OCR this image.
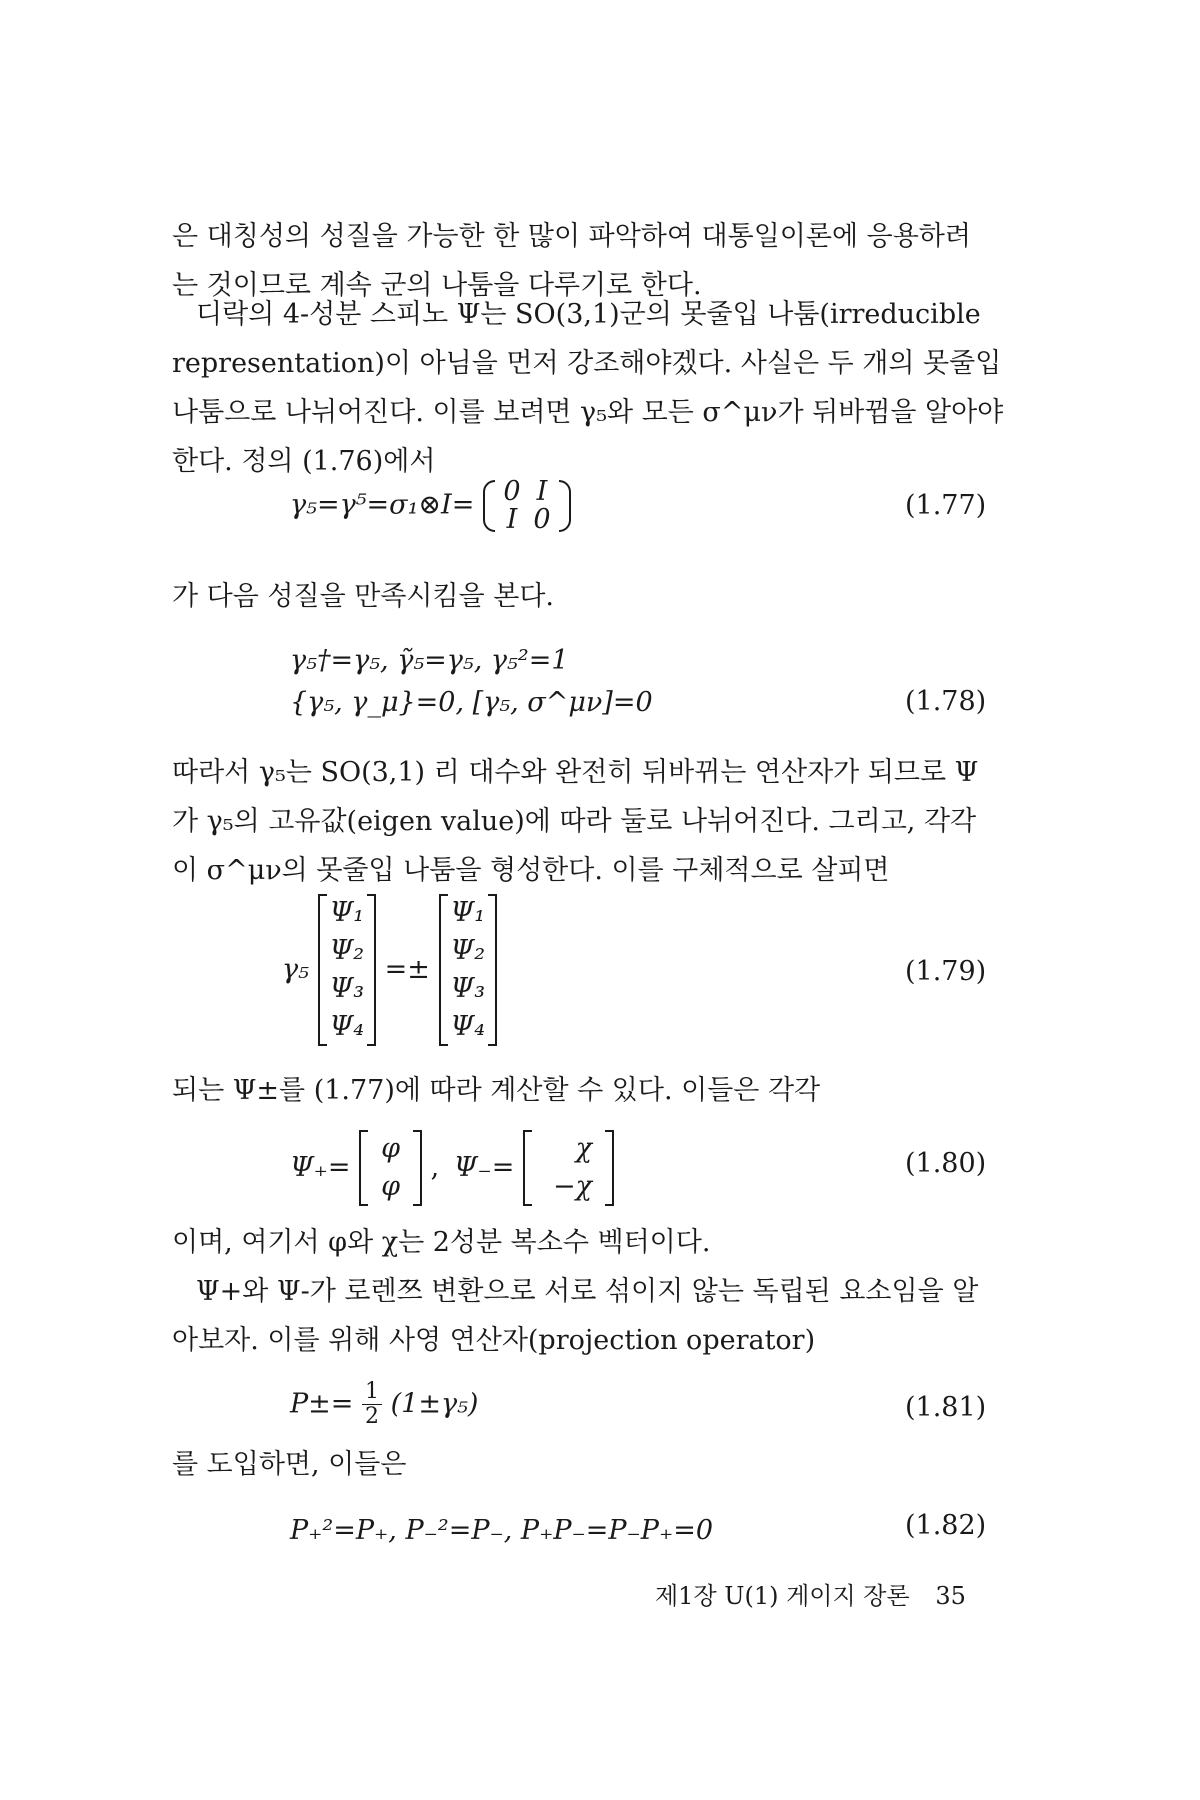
은 대칭성의 성질을 가능한 한 많이 파악하여 대통일이론에 응용하려
는 것이므로 계속 군의 나툼을 다루기로 한다.
디락의 4-성분 스피노 Ψ는 SO(3,1)군의 못줄입 나툼(irreducible
representation)이 아님을 먼저 강조해야겠다. 사실은 두 개의 못줄입
나툼으로 나뉘어진다. 이를 보려면 γ₅와 모든 σ^μν가 뒤바뀜을 알아야
한다. 정의 (1.76)에서
γ₅=γ⁵=σ₁⊗I= 0 I
I 0	(1.77)
가 다음 성질을 만족시킴을 본다.
γ₅†=γ₅, γ̃₅=γ₅, γ₅²=1
{γ₅, γ_μ}=0, [γ₅, σ^μν]=0	(1.78)
따라서 γ₅는 SO(3,1) 리 대수와 완전히 뒤바뀌는 연산자가 되므로 Ψ
가 γ₅의 고유값(eigen value)에 따라 둘로 나뉘어진다. 그리고, 각각
이 σ^μν의 못줄입 나툼을 형성한다. 이를 구체적으로 살피면
γ₅
Ψ₁
Ψ₂
Ψ₃
Ψ₄
=±
Ψ₁
Ψ₂
Ψ₃
Ψ₄
(1.79)
되는 Ψ±를 (1.77)에 따라 계산할 수 있다. 이들은 각각
Ψ₊=
φ
φ
, Ψ₋=
χ
−χ
(1.80)
이며, 여기서 φ와 χ는 2성분 복소수 벡터이다.
Ψ+와 Ψ-가 로렌쯔 변환으로 서로 섞이지 않는 독립된 요소임을 알
아보자. 이를 위해 사영 연산자(projection operator)
$P\pm= \frac{1}{2} (1\pm\gamma_5)$	(1.81)
를 도입하면, 이들은
P₊²=P₊, P₋²=P₋, P₊P₋=P₋P₊=0	(1.82)
제1장 U(1) 게이지 장론 35
